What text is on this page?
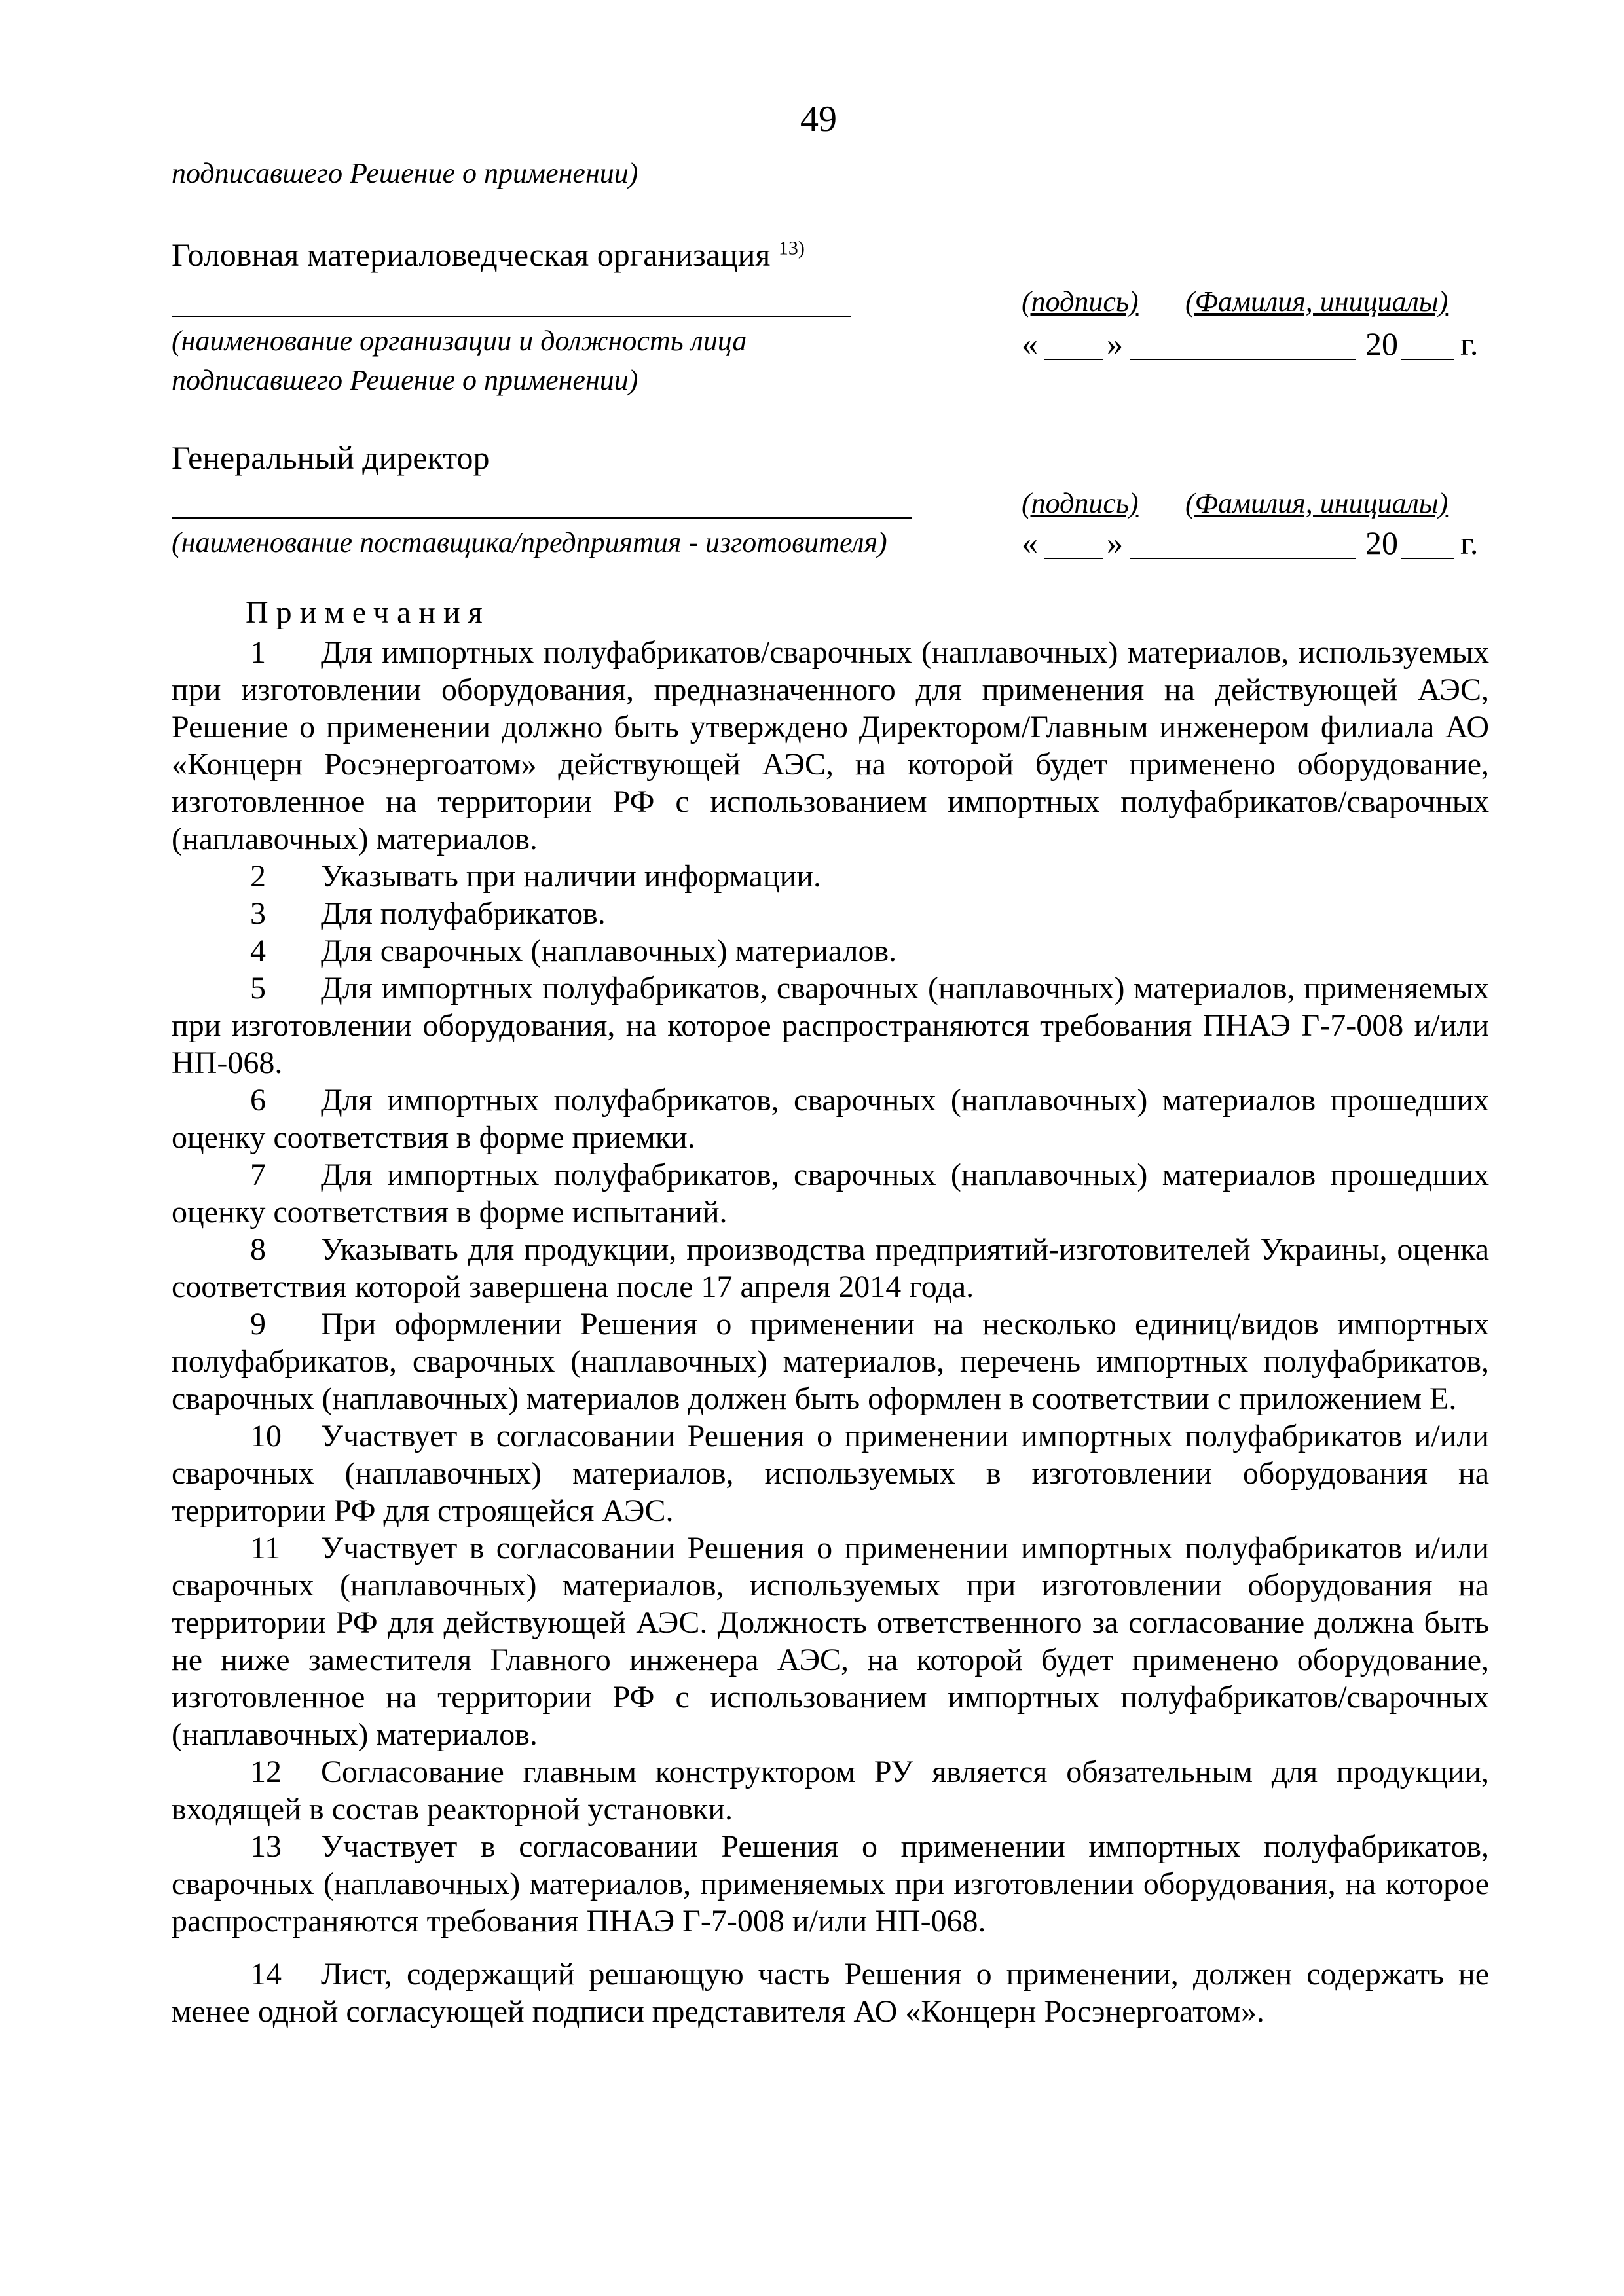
49
подписавшего Решение о применении)
Головная материаловедческая организация $^{13)}$
(наименование организации и должность лица
подписавшего Решение о применении)
(подпись) (Фамилия, инициалы)
« »	20 г.
Генеральный директор
(наименование поставщика/предприятия - изготовителя)
(подпись) (Фамилия, инициалы)
« »	20 г.
Примечания

1 Для импортных полуфабрикатов/сварочных (наплавочных) материалов, используемых при изготовлении оборудования, предназначенного для применения на действующей АЭС, Решение о применении должно быть утверждено Директором/Главным инженером филиала АО «Концерн Росэнергоатом» действующей АЭС, на которой будет применено оборудование, изготовленное на территории РФ с использованием импортных полуфабрикатов/сварочных (наплавочных) материалов.

2 Указывать при наличии информации.

3 Для полуфабрикатов.

4 Для сварочных (наплавочных) материалов.

5 Для импортных полуфабрикатов, сварочных (наплавочных) материалов, применяемых при изготовлении оборудования, на которое распространяются требования ПНАЭ Г-7-008 и/или НП-068.

6 Для импортных полуфабрикатов, сварочных (наплавочных) материалов прошедших оценку соответствия в форме приемки.

7 Для импортных полуфабрикатов, сварочных (наплавочных) материалов прошедших оценку соответствия в форме испытаний.

8 Указывать для продукции, производства предприятий-изготовителей Украины, оценка соответствия которой завершена после 17 апреля 2014 года.

9 При оформлении Решения о применении на несколько единиц/видов импортных полуфабрикатов, сварочных (наплавочных) материалов, перечень импортных полуфабрикатов, сварочных (наплавочных) материалов должен быть оформлен в соответствии с приложением Е.

10 Участвует в согласовании Решения о применении импортных полуфабрикатов и/или сварочных (наплавочных) материалов, используемых в изготовлении оборудования на территории РФ для строящейся АЭС.

11 Участвует в согласовании Решения о применении импортных полуфабрикатов и/или сварочных (наплавочных) материалов, используемых при изготовлении оборудования на территории РФ для действующей АЭС. Должность ответственного за согласование должна быть не ниже заместителя Главного инженера АЭС, на которой будет применено оборудование, изготовленное на территории РФ с использованием импортных полуфабрикатов/сварочных (наплавочных) материалов.

12 Согласование главным конструктором РУ является обязательным для продукции, входящей в состав реакторной установки.

13 Участвует в согласовании Решения о применении импортных полуфабрикатов, сварочных (наплавочных) материалов, применяемых при изготовлении оборудования, на которое распространяются требования ПНАЭ Г-7-008 и/или НП-068.

14 Лист, содержащий решающую часть Решения о применении, должен содержать не менее одной согласующей подписи представителя АО «Концерн Росэнергоатом».
